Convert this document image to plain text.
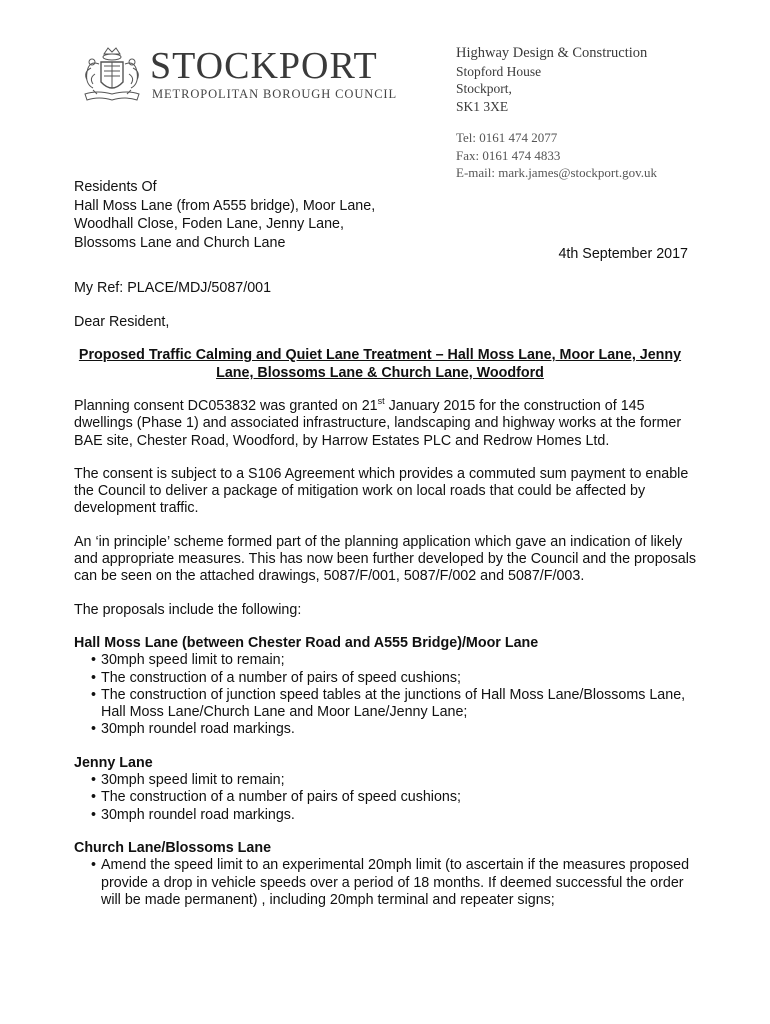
STOCKPORT
METROPOLITAN BOROUGH COUNCIL
Highway Design & Construction
Stopford House
Stockport,
SK1 3XE
Tel: 0161 474 2077
Fax: 0161 474 4833
E-mail: mark.james@stockport.gov.uk
Residents Of
Hall Moss Lane (from A555 bridge), Moor Lane,
Woodhall Close, Foden Lane, Jenny Lane,
Blossoms Lane and Church Lane
4th September 2017
My Ref: PLACE/MDJ/5087/001
Dear Resident,
Proposed Traffic Calming and Quiet Lane Treatment – Hall Moss Lane, Moor Lane, Jenny Lane, Blossoms Lane & Church Lane, Woodford

Planning consent DC053832 was granted on 21st January 2015 for the construction of 145 dwellings (Phase 1) and associated infrastructure, landscaping and highway works at the former BAE site, Chester Road, Woodford, by Harrow Estates PLC and Redrow Homes Ltd.

The consent is subject to a S106 Agreement which provides a commuted sum payment to enable the Council to deliver a package of mitigation work on local roads that could be affected by development traffic.

An ‘in principle’ scheme formed part of the planning application which gave an indication of likely and appropriate measures. This has now been further developed by the Council and the proposals can be seen on the attached drawings, 5087/F/001, 5087/F/002 and 5087/F/003.

The proposals include the following:

Hall Moss Lane (between Chester Road and A555 Bridge)/Moor Lane
• 30mph speed limit to remain;
• The construction of a number of pairs of speed cushions;
• The construction of junction speed tables at the junctions of Hall Moss Lane/Blossoms Lane, Hall Moss Lane/Church Lane and Moor Lane/Jenny Lane;
• 30mph roundel road markings.
Jenny Lane
• 30mph speed limit to remain;
• The construction of a number of pairs of speed cushions;
• 30mph roundel road markings.
Church Lane/Blossoms Lane
• Amend the speed limit to an experimental 20mph limit (to ascertain if the measures proposed provide a drop in vehicle speeds over a period of 18 months. If deemed successful the order will be made permanent) , including 20mph terminal and repeater signs;
